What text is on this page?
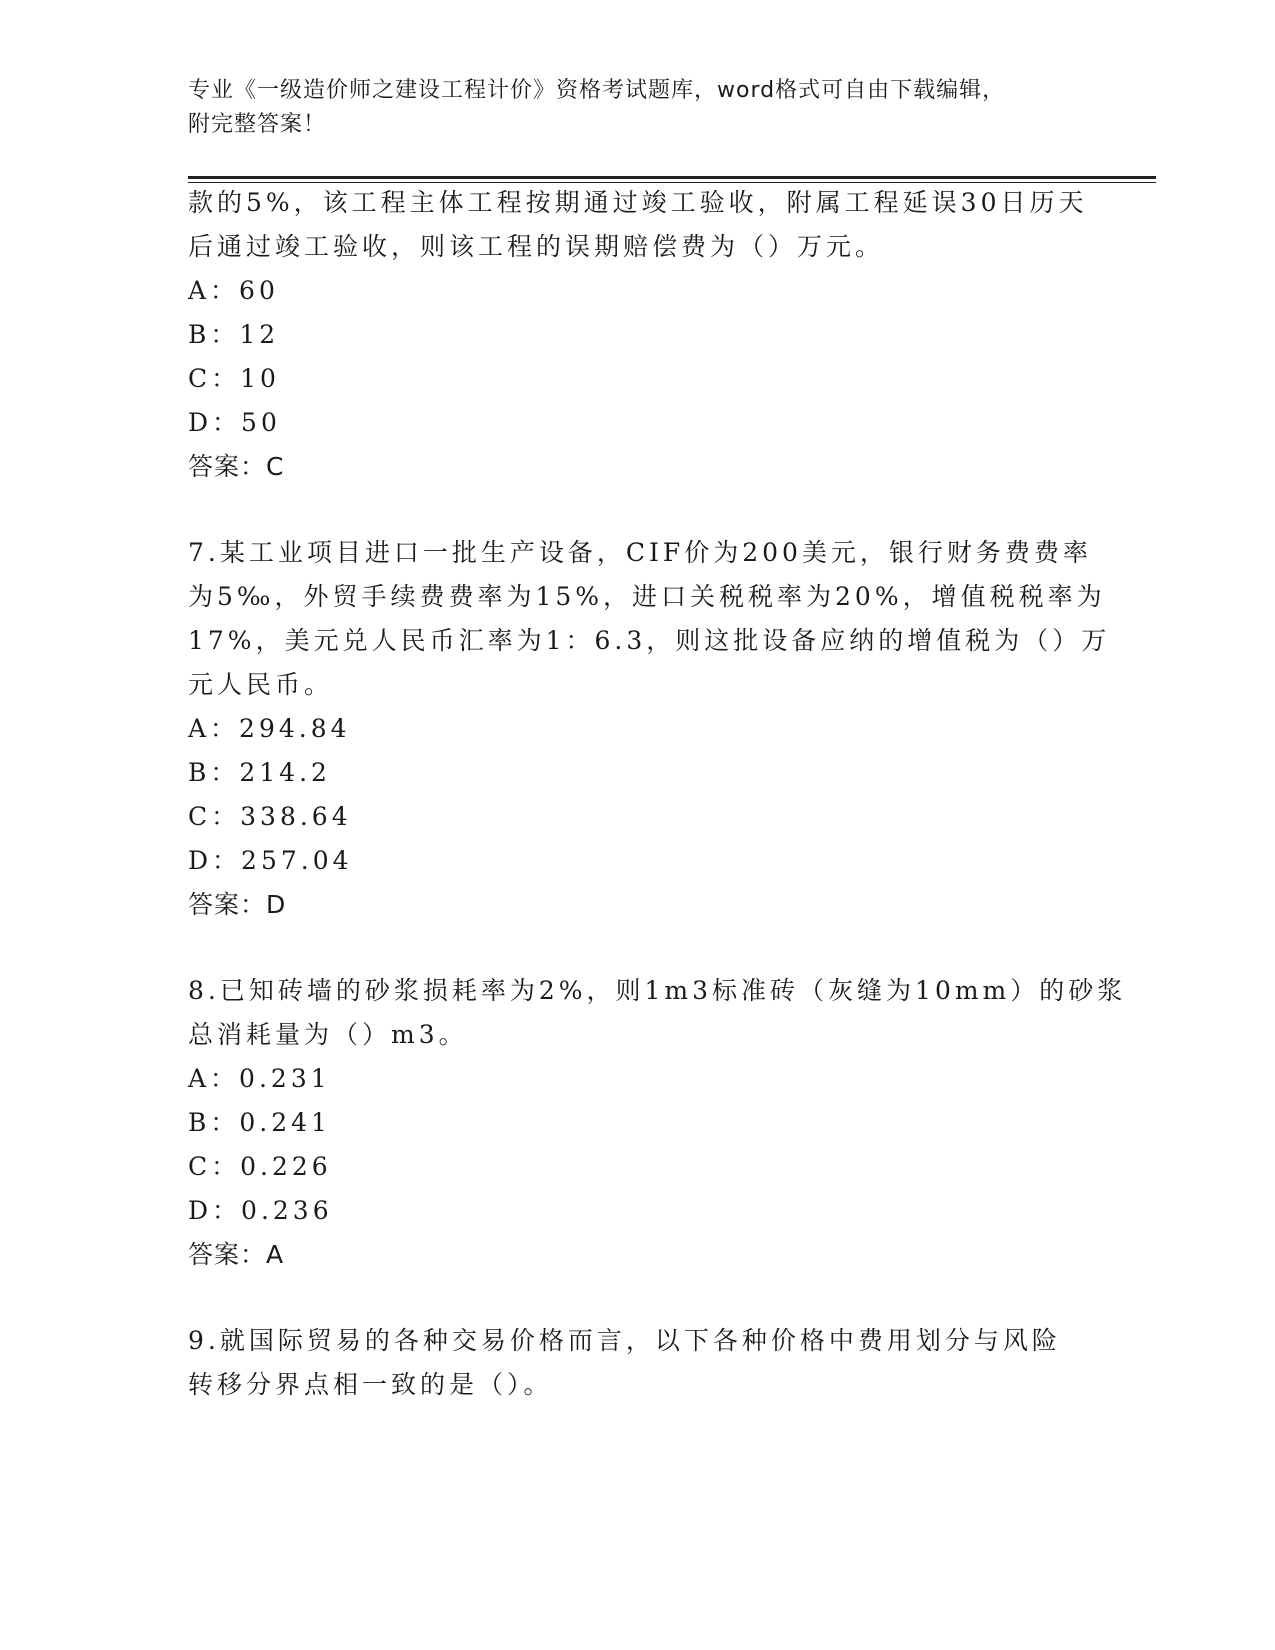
专业《一级造价师之建设工程计价》资格考试题库，word格式可自由下载编辑，
附完整答案！
款的5%，该工程主体工程按期通过竣工验收，附属工程延误30日历天
后通过竣工验收，则该工程的误期赔偿费为（）万元。
A：60
B：12
C：10
D：50
答案：C
7.某工业项目进口一批生产设备，CIF价为200美元，银行财务费费率
为5‰，外贸手续费费率为15%，进口关税税率为20%，增值税税率为
17%，美元兑人民币汇率为1：6.3，则这批设备应纳的增值税为（）万
元人民币。
A：294.84
B：214.2
C：338.64
D：257.04
答案：D
8.已知砖墙的砂浆损耗率为2%，则1m3标准砖（灰缝为10mm）的砂浆
总消耗量为（）m3。
A：0.231
B：0.241
C：0.226
D：0.236
答案：A
9.就国际贸易的各种交易价格而言，以下各种价格中费用划分与风险
转移分界点相一致的是（）。
